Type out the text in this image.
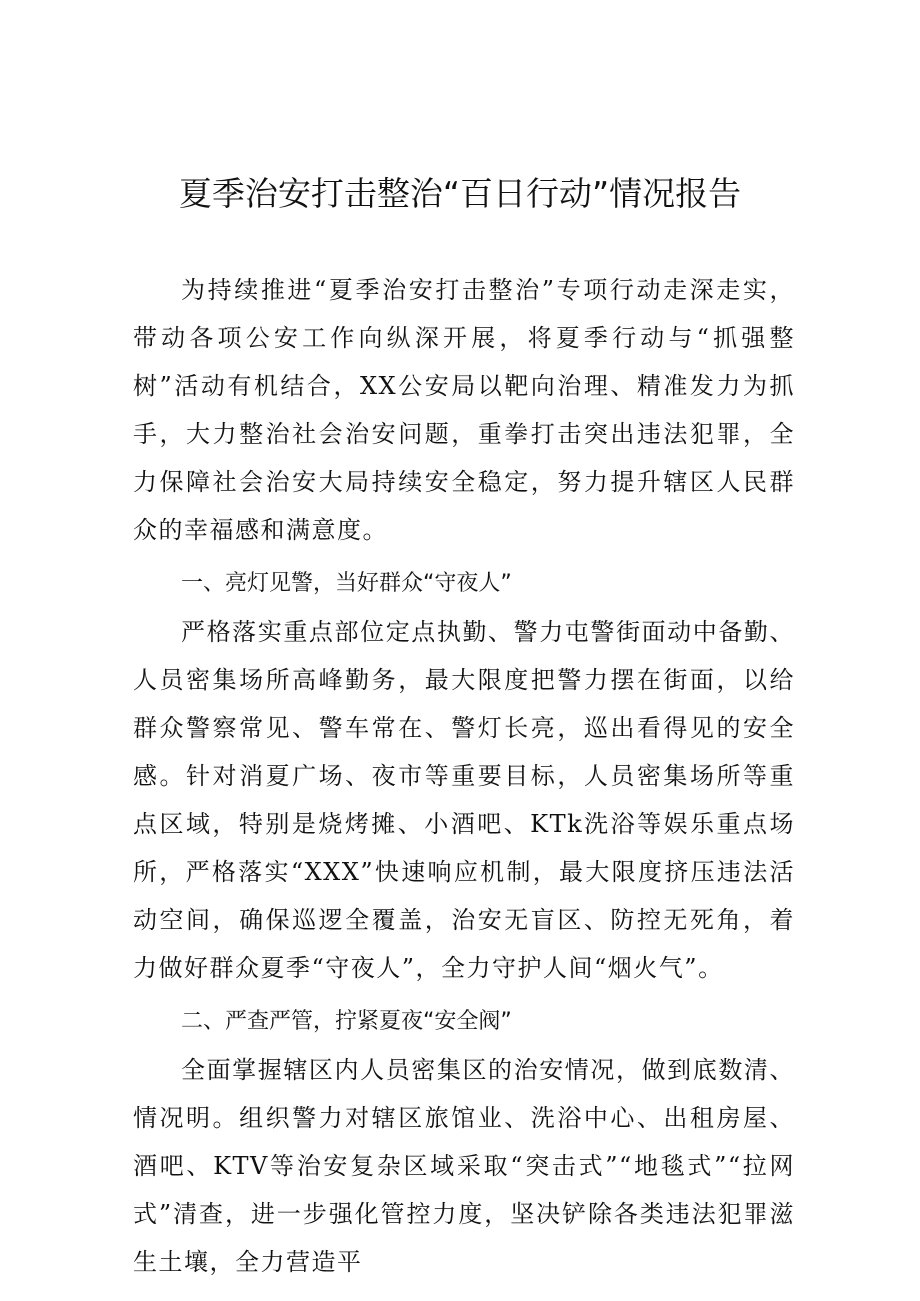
夏季治安打击整治“百日行动”情况报告

为持续推进“夏季治安打击整治”专项行动走深走实，带动各项公安工作向纵深开展，将夏季行动与“抓强整树”活动有机结合，XX公安局以靶向治理、精准发力为抓手，大力整治社会治安问题，重拳打击突出违法犯罪，全力保障社会治安大局持续安全稳定，努力提升辖区人民群众的幸福感和满意度。

一、亮灯见警，当好群众“守夜人”

严格落实重点部位定点执勤、警力屯警街面动中备勤、人员密集场所高峰勤务，最大限度把警力摆在街面，以给群众警察常见、警车常在、警灯长亮，巡出看得见的安全感。针对消夏广场、夜市等重要目标，人员密集场所等重点区域，特别是烧烤摊、小酒吧、KTk洗浴等娱乐重点场所，严格落实“XXX”快速响应机制，最大限度挤压违法活动空间，确保巡逻全覆盖，治安无盲区、防控无死角，着力做好群众夏季“守夜人”，全力守护人间“烟火气”。

二、严查严管，拧紧夏夜“安全阀”

全面掌握辖区内人员密集区的治安情况，做到底数清、情况明。组织警力对辖区旅馆业、洗浴中心、出租房屋、酒吧、KTV等治安复杂区域采取“突击式”“地毯式”“拉网式”清查，进一步强化管控力度，坚决铲除各类违法犯罪滋生土壤，全力营造平
